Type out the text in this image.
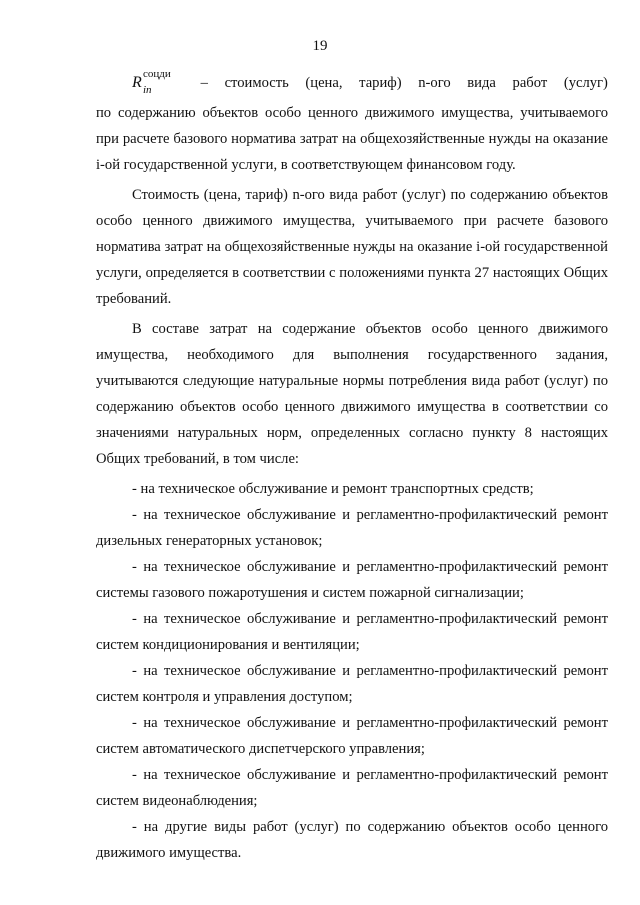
19
R соцди
in	– стоимость (цена, тариф) n-ого вида работ (услуг)

по содержанию объектов особо ценного движимого имущества, учитываемого при расчете базового норматива затрат на общехозяйственные нужды на оказание i-ой государственной услуги, в соответствующем финансовом году.

Стоимость (цена, тариф) n-ого вида работ (услуг) по содержанию объектов особо ценного движимого имущества, учитываемого при расчете базового норматива затрат на общехозяйственные нужды на оказание i-ой государственной услуги, определяется в соответствии с положениями пункта 27 настоящих Общих требований.

В составе затрат на содержание объектов особо ценного движимого имущества, необходимого для выполнения государственного задания, учитываются следующие натуральные нормы потребления вида работ (услуг) по содержанию объектов особо ценного движимого имущества в соответствии со значениями натуральных норм, определенных согласно пункту 8 настоящих Общих требований, в том числе:

- на техническое обслуживание и ремонт транспортных средств;

- на техническое обслуживание и регламентно-профилактический ремонт дизельных генераторных установок;

- на техническое обслуживание и регламентно-профилактический ремонт системы газового пожаротушения и систем пожарной сигнализации;

- на техническое обслуживание и регламентно-профилактический ремонт систем кондиционирования и вентиляции;

- на техническое обслуживание и регламентно-профилактический ремонт систем контроля и управления доступом;

- на техническое обслуживание и регламентно-профилактический ремонт систем автоматического диспетчерского управления;

- на техническое обслуживание и регламентно-профилактический ремонт систем видеонаблюдения;

- на другие виды работ (услуг) по содержанию объектов особо ценного движимого имущества.
